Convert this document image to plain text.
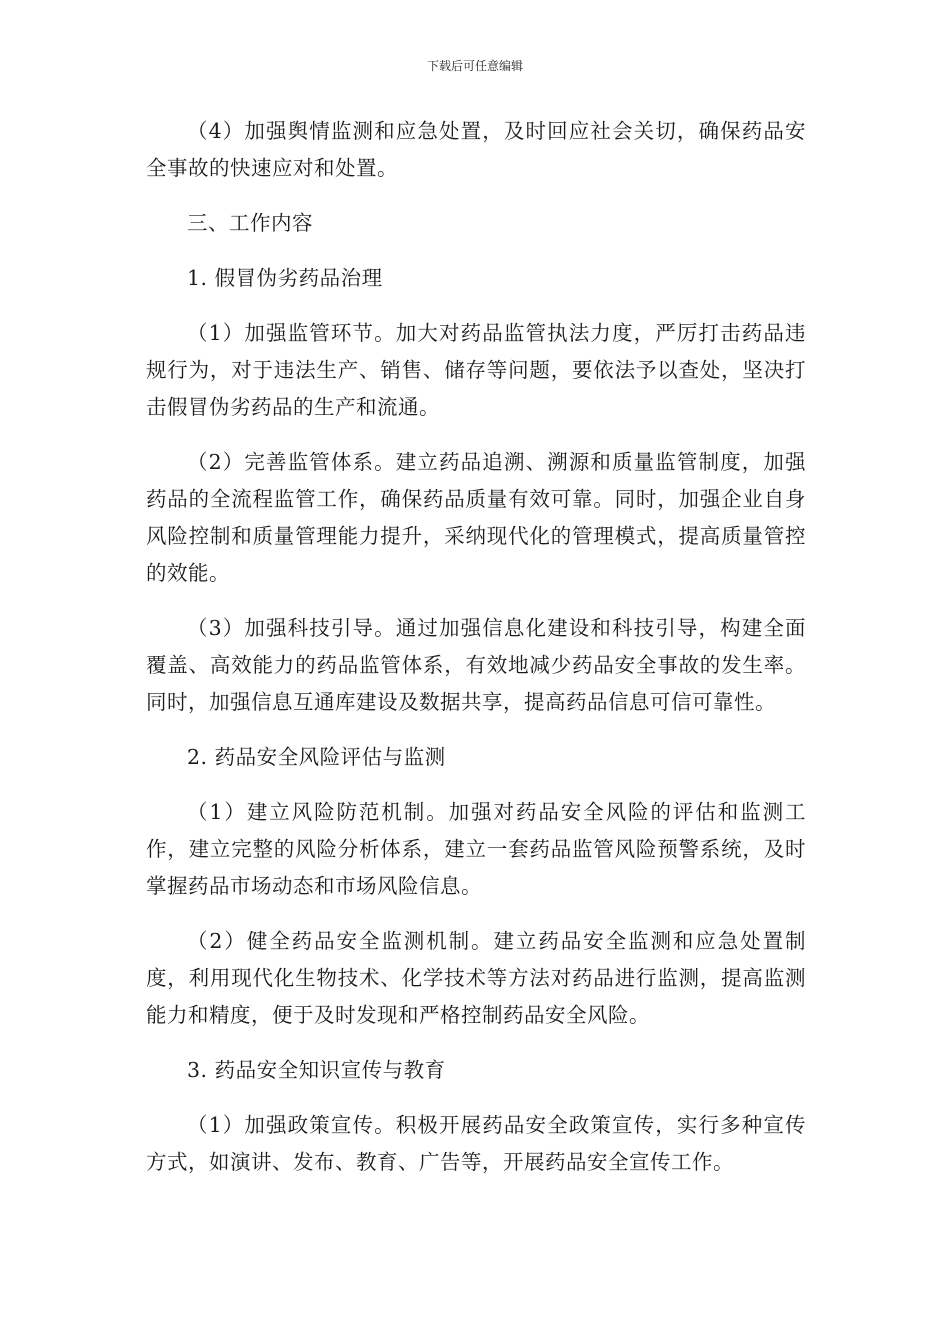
下载后可任意编辑

（4）加强舆情监测和应急处置，及时回应社会关切，确保药品安全事故的快速应对和处置。

三、工作内容

1. 假冒伪劣药品治理

（1）加强监管环节。加大对药品监管执法力度，严厉打击药品违规行为，对于违法生产、销售、储存等问题，要依法予以查处，坚决打击假冒伪劣药品的生产和流通。

（2）完善监管体系。建立药品追溯、溯源和质量监管制度，加强药品的全流程监管工作，确保药品质量有效可靠。同时，加强企业自身风险控制和质量管理能力提升，采纳现代化的管理模式，提高质量管控的效能。

（3）加强科技引导。通过加强信息化建设和科技引导，构建全面覆盖、高效能力的药品监管体系，有效地减少药品安全事故的发生率。同时，加强信息互通库建设及数据共享，提高药品信息可信可靠性。

2. 药品安全风险评估与监测

（1）建立风险防范机制。加强对药品安全风险的评估和监测工作，建立完整的风险分析体系，建立一套药品监管风险预警系统，及时掌握药品市场动态和市场风险信息。

（2）健全药品安全监测机制。建立药品安全监测和应急处置制度，利用现代化生物技术、化学技术等方法对药品进行监测，提高监测能力和精度，便于及时发现和严格控制药品安全风险。

3. 药品安全知识宣传与教育

（1）加强政策宣传。积极开展药品安全政策宣传，实行多种宣传方式，如演讲、发布、教育、广告等，开展药品安全宣传工作。
